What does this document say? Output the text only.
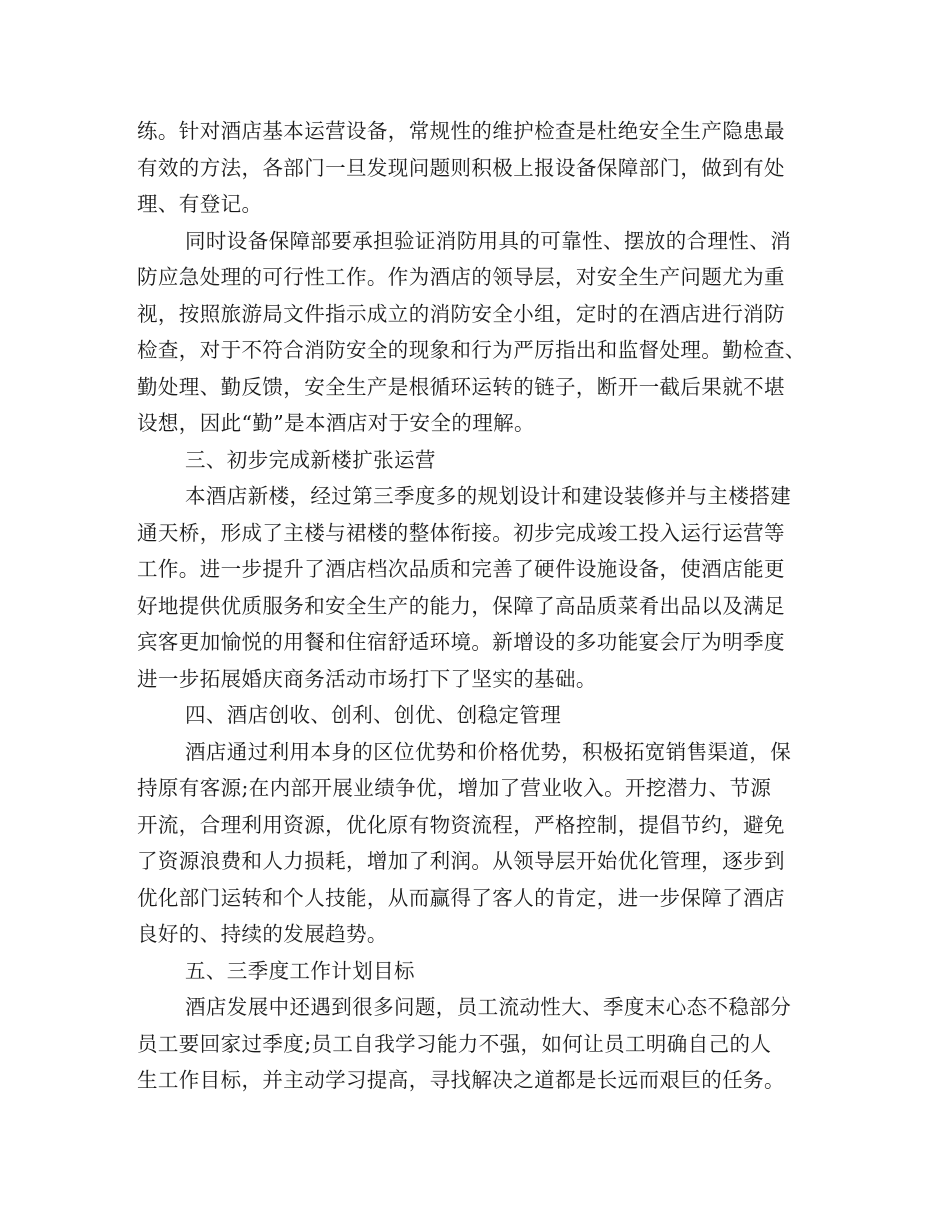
练。针对酒店基本运营设备，常规性的维护检查是杜绝安全生产隐患最
有效的方法，各部门一旦发现问题则积极上报设备保障部门，做到有处
理、有登记。
同时设备保障部要承担验证消防用具的可靠性、摆放的合理性、消
防应急处理的可行性工作。作为酒店的领导层，对安全生产问题尤为重
视，按照旅游局文件指示成立的消防安全小组，定时的在酒店进行消防
检查，对于不符合消防安全的现象和行为严厉指出和监督处理。勤检查、
勤处理、勤反馈，安全生产是根循环运转的链子，断开一截后果就不堪
设想，因此“勤”是本酒店对于安全的理解。
三、初步完成新楼扩张运营
本酒店新楼，经过第三季度多的规划设计和建设装修并与主楼搭建
通天桥，形成了主楼与裙楼的整体衔接。初步完成竣工投入运行运营等
工作。进一步提升了酒店档次品质和完善了硬件设施设备，使酒店能更
好地提供优质服务和安全生产的能力，保障了高品质菜肴出品以及满足
宾客更加愉悦的用餐和住宿舒适环境。新增设的多功能宴会厅为明季度
进一步拓展婚庆商务活动市场打下了坚实的基础。
四、酒店创收、创利、创优、创稳定管理
酒店通过利用本身的区位优势和价格优势，积极拓宽销售渠道，保
持原有客源;在内部开展业绩争优，增加了营业收入。开挖潜力、节源
开流，合理利用资源，优化原有物资流程，严格控制，提倡节约，避免
了资源浪费和人力损耗，增加了利润。从领导层开始优化管理，逐步到
优化部门运转和个人技能，从而赢得了客人的肯定，进一步保障了酒店
良好的、持续的发展趋势。
五、三季度工作计划目标
酒店发展中还遇到很多问题，员工流动性大、季度末心态不稳部分
员工要回家过季度;员工自我学习能力不强，如何让员工明确自己的人
生工作目标，并主动学习提高，寻找解决之道都是长远而艰巨的任务。
